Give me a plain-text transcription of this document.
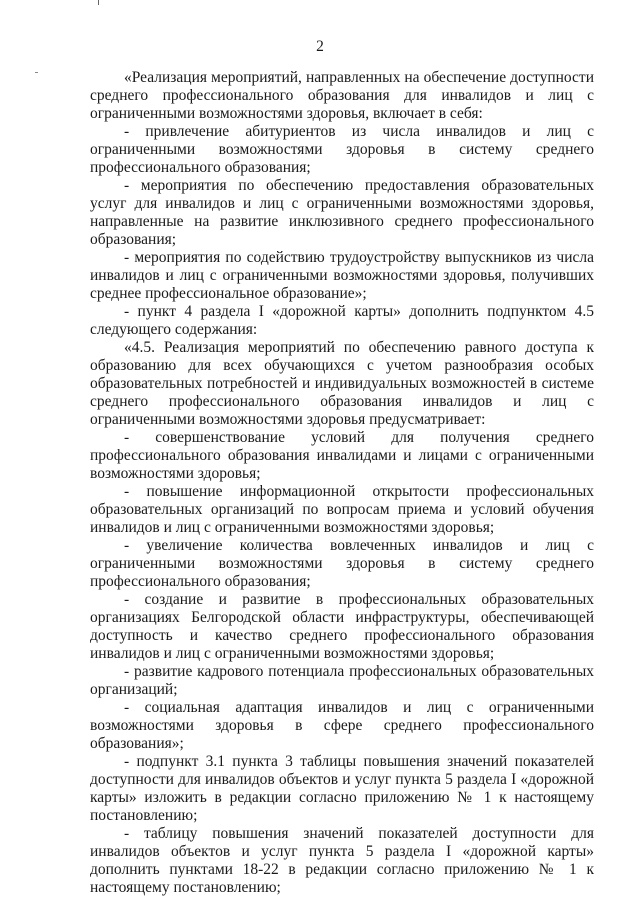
2

«Реализация мероприятий, направленных на обеспечение доступности среднего профессионального образования для инвалидов и лиц с ограниченными возможностями здоровья, включает в себя:

- привлечение абитуриентов из числа инвалидов и лиц с ограниченными возможностями здоровья в систему среднего профессионального образования;

- мероприятия по обеспечению предоставления образовательных услуг для инвалидов и лиц с ограниченными возможностями здоровья, направленные на развитие инклюзивного среднего профессионального образования;

- мероприятия по содействию трудоустройству выпускников из числа инвалидов и лиц с ограниченными возможностями здоровья, получивших среднее профессиональное образование»;

- пункт 4 раздела I «дорожной карты» дополнить подпунктом 4.5 следующего содержания:

«4.5. Реализация мероприятий по обеспечению равного доступа к образованию для всех обучающихся с учетом разнообразия особых образовательных потребностей и индивидуальных возможностей в системе среднего профессионального образования инвалидов и лиц с ограниченными возможностями здоровья предусматривает:

- совершенствование условий для получения среднего профессионального образования инвалидами и лицами с ограниченными возможностями здоровья;

- повышение информационной открытости профессиональных образовательных организаций по вопросам приема и условий обучения инвалидов и лиц с ограниченными возможностями здоровья;

- увеличение количества вовлеченных инвалидов и лиц с ограниченными возможностями здоровья в систему среднего профессионального образования;

- создание и развитие в профессиональных образовательных организациях Белгородской области инфраструктуры, обеспечивающей доступность и качество среднего профессионального образования инвалидов и лиц с ограниченными возможностями здоровья;

- развитие кадрового потенциала профессиональных образовательных организаций;

- социальная адаптация инвалидов и лиц с ограниченными возможностями здоровья в сфере среднего профессионального образования»;

- подпункт 3.1 пункта 3 таблицы повышения значений показателей доступности для инвалидов объектов и услуг пункта 5 раздела I «дорожной карты» изложить в редакции согласно приложению № 1 к настоящему постановлению;

- таблицу повышения значений показателей доступности для инвалидов объектов и услуг пункта 5 раздела I «дорожной карты» дополнить пунктами 18-22 в редакции согласно приложению № 1 к настоящему постановлению;
